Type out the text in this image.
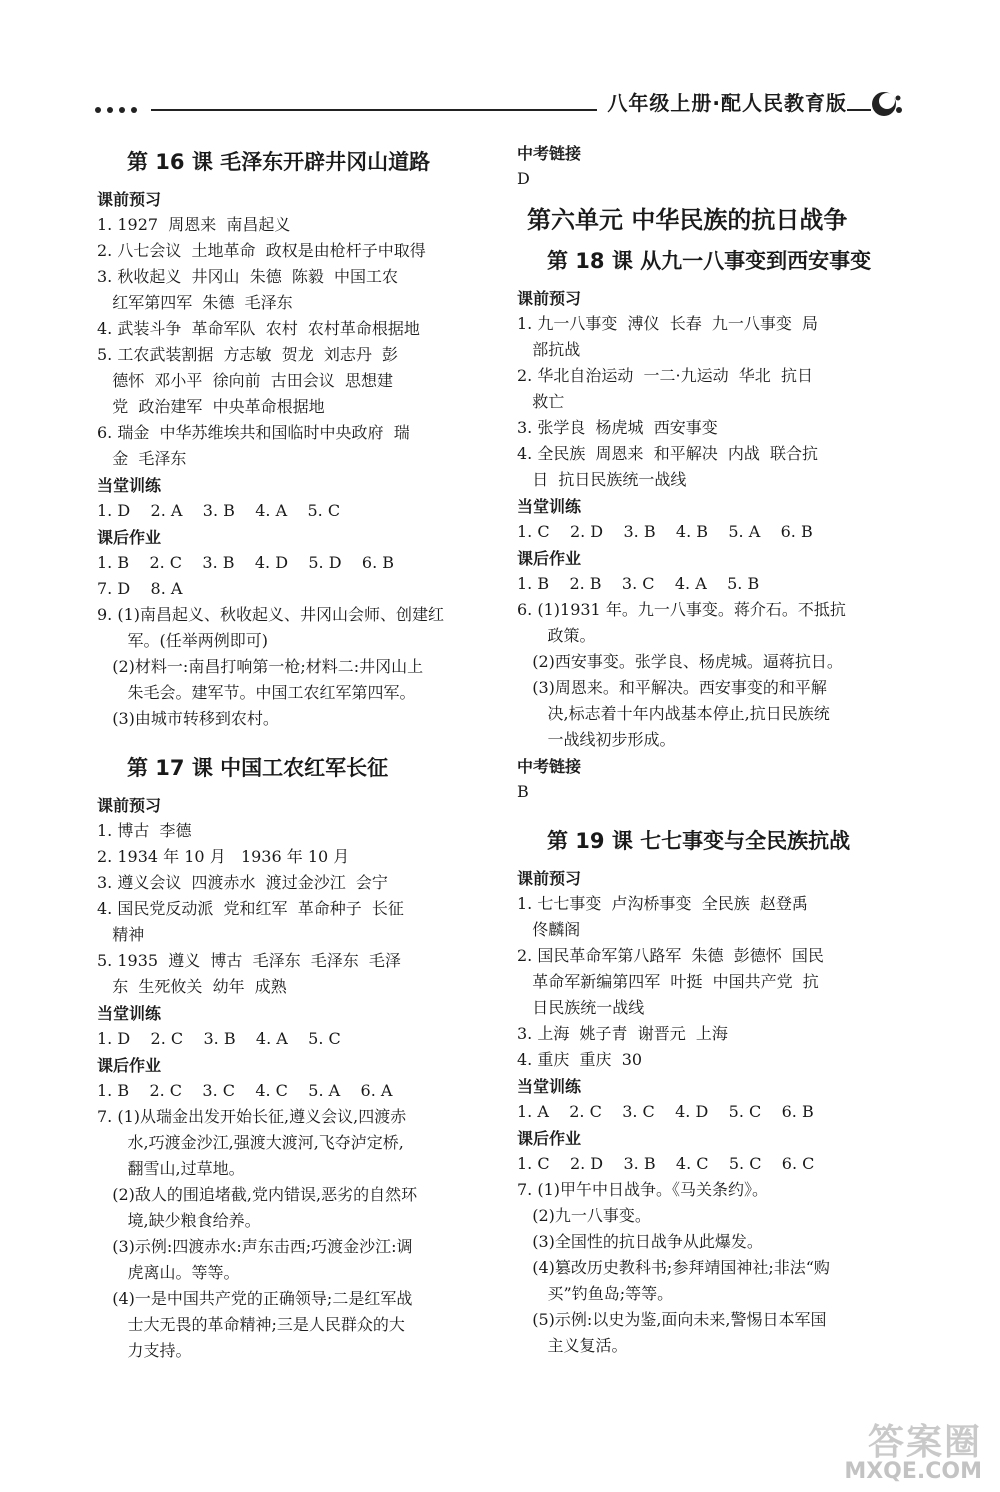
八年级上册·配人民教育版
第 16 课 毛泽东开辟井冈山道路
课前预习
1. 1927  周恩来  南昌起义
2. 八七会议  土地革命  政权是由枪杆子中取得
3. 秋收起义  井冈山  朱德  陈毅  中国工农
红军第四军  朱德  毛泽东
4. 武装斗争  革命军队  农村  农村革命根据地
5. 工农武装割据  方志敏  贺龙  刘志丹  彭
德怀  邓小平  徐向前  古田会议  思想建
党  政治建军  中央革命根据地
6. 瑞金  中华苏维埃共和国临时中央政府  瑞
金  毛泽东
当堂训练
1. D    2. A    3. B    4. A    5. C
课后作业
1. B    2. C    3. B    4. D    5. D    6. B
7. D    8. A
9. (1)南昌起义、秋收起义、井冈山会师、创建红
军。(任举两例即可)
(2)材料一:南昌打响第一枪;材料二:井冈山上
朱毛会。建军节。中国工农红军第四军。
(3)由城市转移到农村。
第 17 课 中国工农红军长征
课前预习
1. 博古  李德
2. 1934 年 10 月   1936 年 10 月
3. 遵义会议  四渡赤水  渡过金沙江  会宁
4. 国民党反动派  党和红军  革命种子  长征
精神
5. 1935  遵义  博古  毛泽东  毛泽东  毛泽
东  生死攸关  幼年  成熟
当堂训练
1. D    2. C    3. B    4. A    5. C
课后作业
1. B    2. C    3. C    4. C    5. A    6. A
7. (1)从瑞金出发开始长征,遵义会议,四渡赤
水,巧渡金沙江,强渡大渡河,飞夺泸定桥,
翻雪山,过草地。
(2)敌人的围追堵截,党内错误,恶劣的自然环
境,缺少粮食给养。
(3)示例:四渡赤水:声东击西;巧渡金沙江:调
虎离山。等等。
(4)一是中国共产党的正确领导;二是红军战
士大无畏的革命精神;三是人民群众的大
力支持。
中考链接
D
第六单元 中华民族的抗日战争
第 18 课 从九一八事变到西安事变
课前预习
1. 九一八事变  溥仪  长春  九一八事变  局
部抗战
2. 华北自治运动  一二·九运动  华北  抗日
救亡
3. 张学良  杨虎城  西安事变
4. 全民族  周恩来  和平解决  内战  联合抗
日  抗日民族统一战线
当堂训练
1. C    2. D    3. B    4. B    5. A    6. B
课后作业
1. B    2. B    3. C    4. A    5. B
6. (1)1931 年。九一八事变。蒋介石。不抵抗
政策。
(2)西安事变。张学良、杨虎城。逼蒋抗日。
(3)周恩来。和平解决。西安事变的和平解
决,标志着十年内战基本停止,抗日民族统
一战线初步形成。
中考链接
B
第 19 课 七七事变与全民族抗战
课前预习
1. 七七事变  卢沟桥事变  全民族  赵登禹
佟麟阁
2. 国民革命军第八路军  朱德  彭德怀  国民
革命军新编第四军  叶挺  中国共产党  抗
日民族统一战线
3. 上海  姚子青  谢晋元  上海
4. 重庆  重庆  30
当堂训练
1. A    2. C    3. C    4. D    5. C    6. B
课后作业
1. C    2. D    3. B    4. C    5. C    6. C
7. (1)甲午中日战争。《马关条约》。
(2)九一八事变。
(3)全国性的抗日战争从此爆发。
(4)篡改历史教科书;参拜靖国神社;非法“购
买”钓鱼岛;等等。
(5)示例:以史为鉴,面向未来,警惕日本军国
主义复活。
答案圈
MXQE.COM
